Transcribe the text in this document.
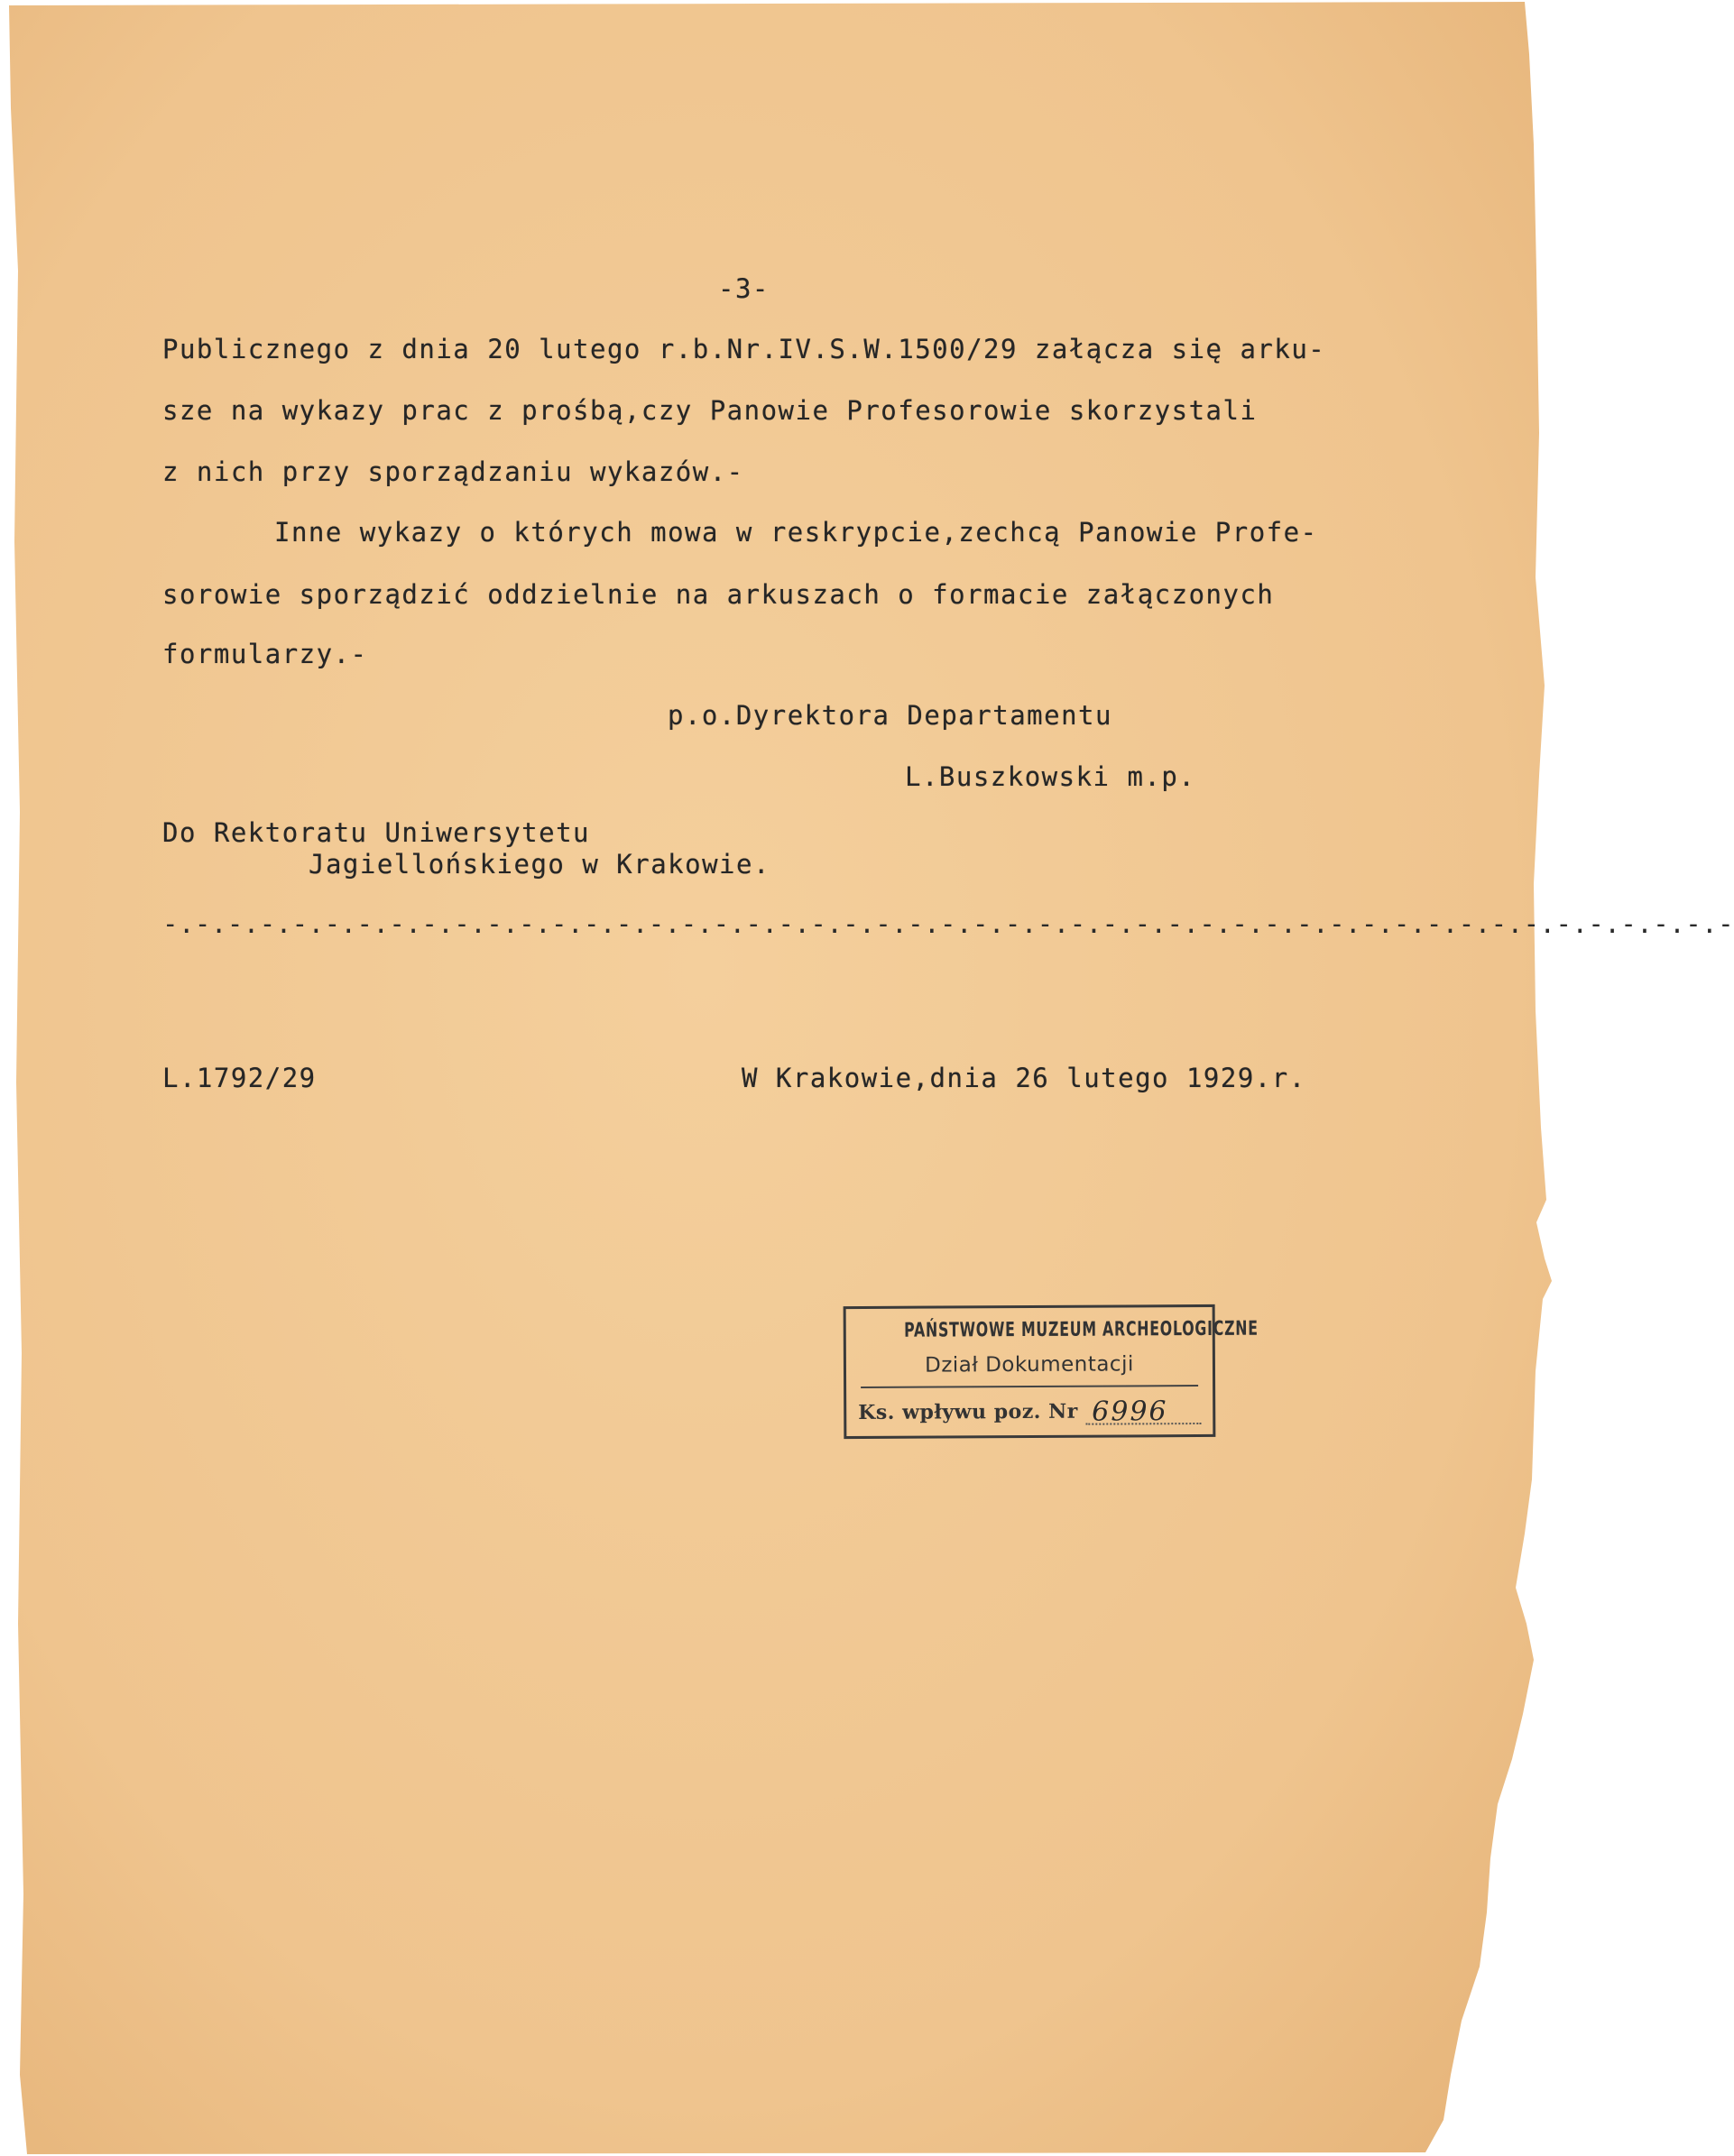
-3-
Publicznego z dnia 20 lutego r.b.Nr.IV.S.W.1500/29 załącza się arku-
sze na wykazy prac z prośbą,czy Panowie Profesorowie skorzystali
z nich przy sporządzaniu wykazów.-
Inne wykazy o których mowa w reskrypcie,zechcą Panowie Profe-
sorowie sporządzić oddzielnie na arkuszach o formacie załączonych
formularzy.-
p.o.Dyrektora Departamentu
L.Buszkowski m.p.
Do Rektoratu Uniwersytetu
Jagiellońskiego w Krakowie.
-.-.-.-.-.-.-.-.-.-.-.-.-.-.-.-.-.-.-.-.-.-.-.-.-.-.-.-.-.-.-.-.-.-.-.-.-.-.-.-.-.-.-.-.-.-.-.-.-
L.1792/29	W Krakowie,dnia 26 lutego 1929.r.
PAŃSTWOWE MUZEUM ARCHEOLOGICZNE
Dział Dokumentacji
Ks. wpływu poz. Nr 6996
